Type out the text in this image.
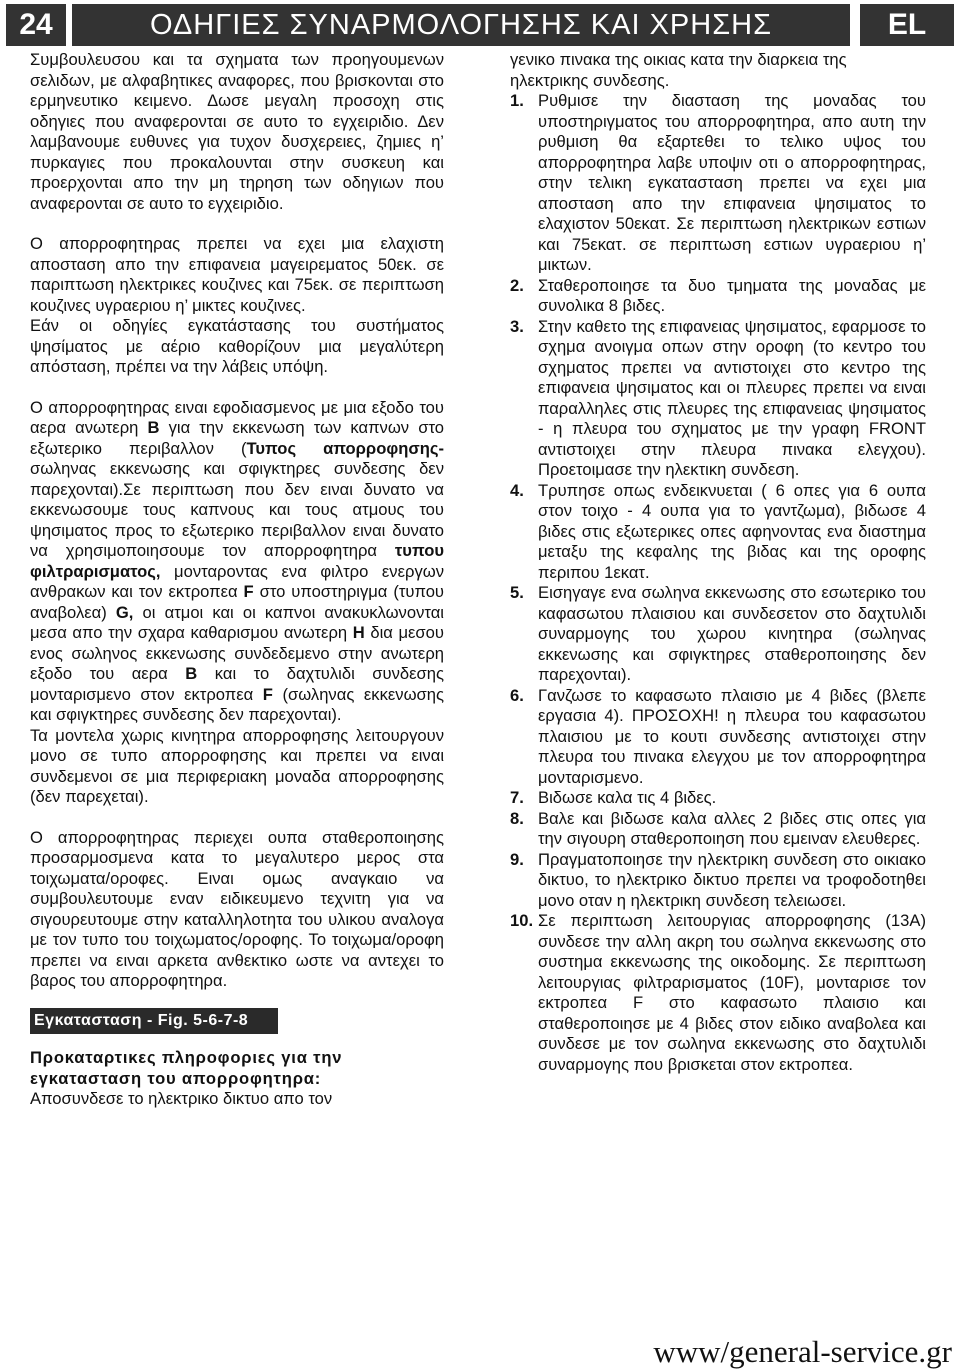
24	ΟΔΗΓΙΕΣ ΣΥΝΑΡΜΟΛΟΓΗΣΗΣ ΚΑΙ ΧΡΗΣΗΣ	EL

Συμβουλευσου και τα σχηματα των προηγουμενων σελιδων, με αλφαβητικες αναφορες, που βρισκονται στο ερμηνευτικο κειμενο. Δωσε μεγαλη προσοχη στις οδηγιες που αναφερονται σε αυτο το εγχειριδιο. Δεν λαμβανουμε ευθυνες για τυχον δυσχερειες, ζημιες η’ πυρκαγιες που προκαλουνται στην συσκευη και προερχονται απο την μη τηρηση των οδηγιων που αναφερονται σε αυτο το εγχειριδιο.

Ο απορροφητηρας πρεπει να εχει μια ελαχιστη αποσταση απο την επιφανεια μαγειρεματος 50εκ. σε παριπτωση ηλεκτρικες κουζινες και 75εκ. σε περιπτωση κουζινες υγραεριου η’ μικτες κουζινες.

Εάν οι οδηγίες εγκατάστασης του συστήματος ψησίματος με αέριο καθορίζουν μια μεγαλύτερη απόσταση, πρέπει να την λάβεις υπόψη.

Ο απορροφητηρας ειναι εφοδιασμενος με μια εξοδο του αερα ανωτερη B για την εκκενωση των καπνων στο εξωτερικο περιβαλλον (Τυπος απορροφησης- σωληνας εκκενωσης και σφιγκτηρες συνδεσης δεν παρεχονται).Σε περιπτωση που δεν ειναι δυνατο να εκκενωσουμε τους καπνους και τους ατμους του ψησιματος προς το εξωτερικο περιβαλλον ειναι δυνατο να χρησιμοποιησουμε τον απορροφητηρα τυπου φιλτραρισματος, μονταροντας ενα φιλτρο ενεργων ανθρακων και τον εκτροπεα F στο υποστηριγμα (τυπου αναβολεα) G, οι ατμοι και οι καπνοι ανακυκλωνονται μεσα απο την σχαρα καθαρισμου ανωτερη H δια μεσου ενος σωληνος εκκενωσης συνδεδεμενο στην ανωτερη εξοδο του αερα B και το δαχτυλιδι συνδεσης μονταρισμενο στον εκτροπεα F (σωληνας εκκενωσης και σφιγκτηρες συνδεσης δεν παρεχονται).

Τα μοντελα χωρις κινητηρα απορροφησης λειτουργουν μονο σε τυπο απορροφησης και πρεπει να ειναι συνδεμενοι σε μια περιφεριακη μοναδα απορροφησης (δεν παρεχεται).

Ο απορροφητηρας περιεχει ουπα σταθεροποιησης προσαρμοσμενα κατα το μεγαλυτερο μερος στα τοιχωματα/οροφες. Ειναι ομως αναγκαιο να συμβουλευτουμε εναν ειδικευμενο τεχνιτη για να σιγουρευτουμε στην καταλληλοτητα του υλικου αναλογα με τον τυπο του τοιχωματος/οροφης. Το τοιχωμα/οροφη πρεπει να ειναι αρκετα ανθεκτικο ωστε να αντεχει το βαρος του απορροφητηρα.

Εγκατασταση - Fig. 5-6-7-8

Προκαταρτικες πληροφοριες για την εγκατασταση του απορροφητηρα:

Αποσυνδεσε το ηλεκτρικο δικτυο απο τον

γενικο πινακα της οικιας κατα την διαρκεια της ηλεκτρικης συνδεσης.

1. Ρυθμισε την διασταση της μοναδας του υποστηριγματος του απορροφητηρα, απο αυτη την ρυθμιση θα εξαρτεθει το τελικο υψος του απορροφητηρα λαβε υποψιν οτι ο απορροφητηρας, στην τελικη εγκατασταση πρεπει να εχει μια αποσταση απο την επιφανεια ψησιματος το ελαχιστον 50εκατ. Σε περιπτωση ηλεκτρικων εστιων και 75εκατ. σε περιπτωση εστιων υγραεριου η’ μικτων.
2. Σταθεροποιησε τα δυο τμηματα της μοναδας με συνολικα 8 βιδες.
3. Στην καθετο της επιφανειας ψησιματος, εφαρμοσε το σχημα ανοιγμα οπων στην οροφη (το κεντρο του σχηματος πρεπει να αντιστοιχει στο κεντρο της επιφανεια ψησιματος και οι πλευρες πρεπει να ειναι παραλληλες στις πλευρες της επιφανειας ψησιματος - η πλευρα του σχηματος με την γραφη FRONT αντιστοιχει στην πλευρα πινακα ελεγχου). Προετοιμασε την ηλεκτικη συνδεση.
4. Τρυπησε οπως ενδεικνυεται ( 6 οπες για 6 ουπα στον τοιχο - 4 ουπα για το γαντζωμα), βιδωσε 4 βιδες στις εξωτερικες οπες αφηνοντας ενα διαστημα μεταξυ της κεφαλης της βιδας και της οροφης περιπου 1εκατ.
5. Εισηγαγε ενα σωληνα εκκενωσης στο εσωτερικο του καφασωτου πλαισιου και συνδεσετον στο δαχτυλιδι συναρμογης του χωρου κινητηρα (σωληνας εκκενωσης και σφιγκτηρες σταθεροποιησης δεν παρεχονται).
6. Γανζωσε το καφασωτο πλαισιο με 4 βιδες (βλεπε εργασια 4). ΠΡΟΣΟΧΗ! η πλευρα του καφασωτου πλαισιου με το κουτι συνδεσης αντιστοιχει στην πλευρα του πινακα ελεγχου με τον απορροφητηρα μονταρισμενο.
7. Βιδωσε καλα τις 4 βιδες.
8. Βαλε και βιδωσε καλα αλλες 2 βιδες στις οπες για την σιγουρη σταθεροποιηση που εμειναν ελευθερες.
9. Πραγματοποιησε την ηλεκτρικη συνδεση στο οικιακο δικτυο, το ηλεκτρικο δικτυο πρεπει να τροφοδοτηθει μονο οταν η ηλεκτρικη συνδεση τελειωσει.
10. Σε περιπτωση λειτουργιας απορροφησης (13A) συνδεσε την αλλη ακρη του σωληνα εκκενωσης στο συστημα εκκενωσης της οικοδομης. Σε περιπτωση λειτουργιας φιλτραρισματος (10F), μονταρισε τον εκτροπεα F στο καφασωτο πλαισιο και σταθεροποιησε με 4 βιδες στον ειδικο αναβολεα και συνδεσε με τον σωληνα εκκενωσης στο δαχτυλιδι συναρμογης που βρισκεται στον εκτροπεα.
www/general-service.gr
